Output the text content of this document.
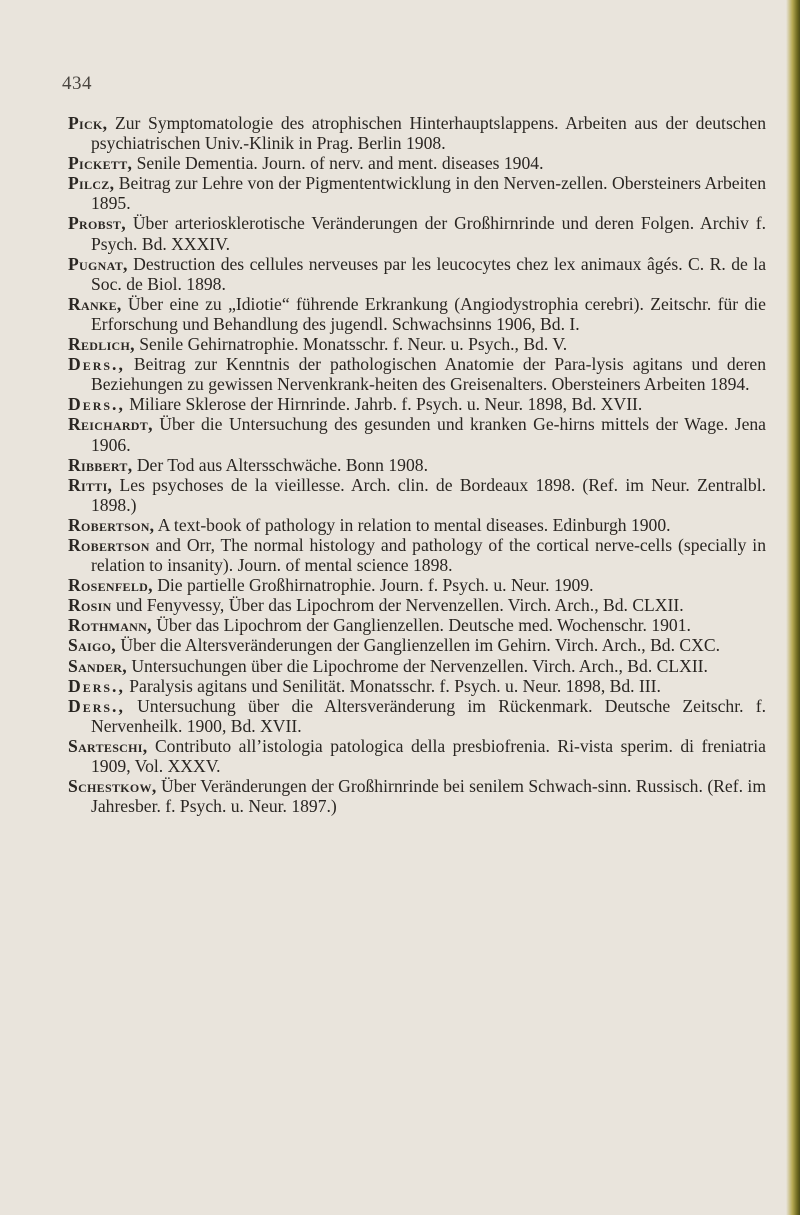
434
Pick, Zur Symptomatologie des atrophischen Hinterhauptslappens. Arbeiten aus der deutschen psychiatrischen Univ.-Klinik in Prag. Berlin 1908.
Pickett, Senile Dementia. Journ. of nerv. and ment. diseases 1904.
Pilcz, Beitrag zur Lehre von der Pigmententwicklung in den Nerven-zellen. Obersteiners Arbeiten 1895.
Probst, Über arteriosklerotische Veränderungen der Großhirnrinde und deren Folgen. Archiv f. Psych. Bd. XXXIV.
Pugnat, Destruction des cellules nerveuses par les leucocytes chez lex animaux âgés. C. R. de la Soc. de Biol. 1898.
Ranke, Über eine zu „Idiotie“ führende Erkrankung (Angiodystrophia cerebri). Zeitschr. für die Erforschung und Behandlung des jugendl. Schwachsinns 1906, Bd. I.
Redlich, Senile Gehirnatrophie. Monatsschr. f. Neur. u. Psych., Bd. V.
Ders., Beitrag zur Kenntnis der pathologischen Anatomie der Para-lysis agitans und deren Beziehungen zu gewissen Nervenkrank-heiten des Greisenalters. Obersteiners Arbeiten 1894.
Ders., Miliare Sklerose der Hirnrinde. Jahrb. f. Psych. u. Neur. 1898, Bd. XVII.
Reichardt, Über die Untersuchung des gesunden und kranken Ge-hirns mittels der Wage. Jena 1906.
Ribbert, Der Tod aus Altersschwäche. Bonn 1908.
Ritti, Les psychoses de la vieillesse. Arch. clin. de Bordeaux 1898. (Ref. im Neur. Zentralbl. 1898.)
Robertson, A text-book of pathology in relation to mental diseases. Edinburgh 1900.
Robertson and Orr, The normal histology and pathology of the cortical nerve-cells (specially in relation to insanity). Journ. of mental science 1898.
Rosenfeld, Die partielle Großhirnatrophie. Journ. f. Psych. u. Neur. 1909.
Rosin und Fenyvessy, Über das Lipochrom der Nervenzellen. Virch. Arch., Bd. CLXII.
Rothmann, Über das Lipochrom der Ganglienzellen. Deutsche med. Wochenschr. 1901.
Saigo, Über die Altersveränderungen der Ganglienzellen im Gehirn. Virch. Arch., Bd. CXC.
Sander, Untersuchungen über die Lipochrome der Nervenzellen. Virch. Arch., Bd. CLXII.
Ders., Paralysis agitans und Senilität. Monatsschr. f. Psych. u. Neur. 1898, Bd. III.
Ders., Untersuchung über die Altersveränderung im Rückenmark. Deutsche Zeitschr. f. Nervenheilk. 1900, Bd. XVII.
Sarteschi, Contributo all’istologia patologica della presbiofrenia. Ri-vista sperim. di freniatria 1909, Vol. XXXV.
Schestkow, Über Veränderungen der Großhirnrinde bei senilem Schwach-sinn. Russisch. (Ref. im Jahresber. f. Psych. u. Neur. 1897.)
